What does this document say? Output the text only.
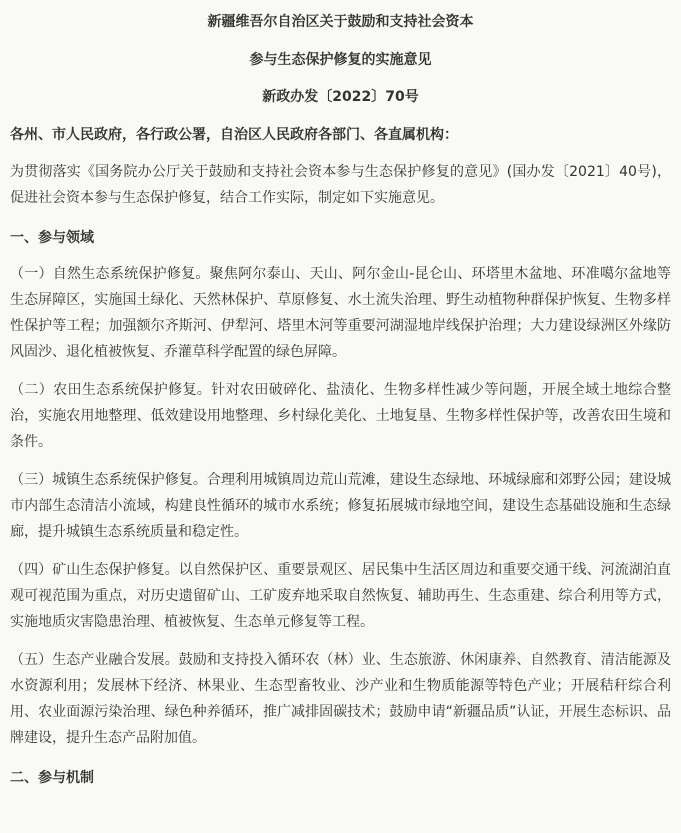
新疆维吾尔自治区关于鼓励和支持社会资本

参与生态保护修复的实施意见

新政办发〔2022〕70号

各州、市人民政府，各行政公署，自治区人民政府各部门、各直属机构：

为贯彻落实《国务院办公厅关于鼓励和支持社会资本参与生态保护修复的意见》(国办发〔2021〕40号)，促进社会资本参与生态保护修复，结合工作实际，制定如下实施意见。

一、参与领域

（一）自然生态系统保护修复。聚焦阿尔泰山、天山、阿尔金山-昆仑山、环塔里木盆地、环准噶尔盆地等生态屏障区，实施国土绿化、天然林保护、草原修复、水土流失治理、野生动植物种群保护恢复、生物多样性保护等工程；加强额尔齐斯河、伊犁河、塔里木河等重要河湖湿地岸线保护治理；大力建设绿洲区外缘防风固沙、退化植被恢复、乔灌草科学配置的绿色屏障。

（二）农田生态系统保护修复。针对农田破碎化、盐渍化、生物多样性减少等问题，开展全域土地综合整治，实施农用地整理、低效建设用地整理、乡村绿化美化、土地复垦、生物多样性保护等，改善农田生境和条件。

（三）城镇生态系统保护修复。合理利用城镇周边荒山荒滩，建设生态绿地、环城绿廊和郊野公园；建设城市内部生态清洁小流域，构建良性循环的城市水系统；修复拓展城市绿地空间，建设生态基础设施和生态绿廊，提升城镇生态系统质量和稳定性。

（四）矿山生态保护修复。以自然保护区、重要景观区、居民集中生活区周边和重要交通干线、河流湖泊直观可视范围为重点，对历史遗留矿山、工矿废弃地采取自然恢复、辅助再生、生态重建、综合利用等方式，实施地质灾害隐患治理、植被恢复、生态单元修复等工程。

（五）生态产业融合发展。鼓励和支持投入循环农（林）业、生态旅游、休闲康养、自然教育、清洁能源及水资源利用；发展林下经济、林果业、生态型畜牧业、沙产业和生物质能源等特色产业；开展秸秆综合利用、农业面源污染治理、绿色种养循环，推广减排固碳技术；鼓励申请“新疆品质”认证，开展生态标识、品牌建设，提升生态产品附加值。

二、参与机制
